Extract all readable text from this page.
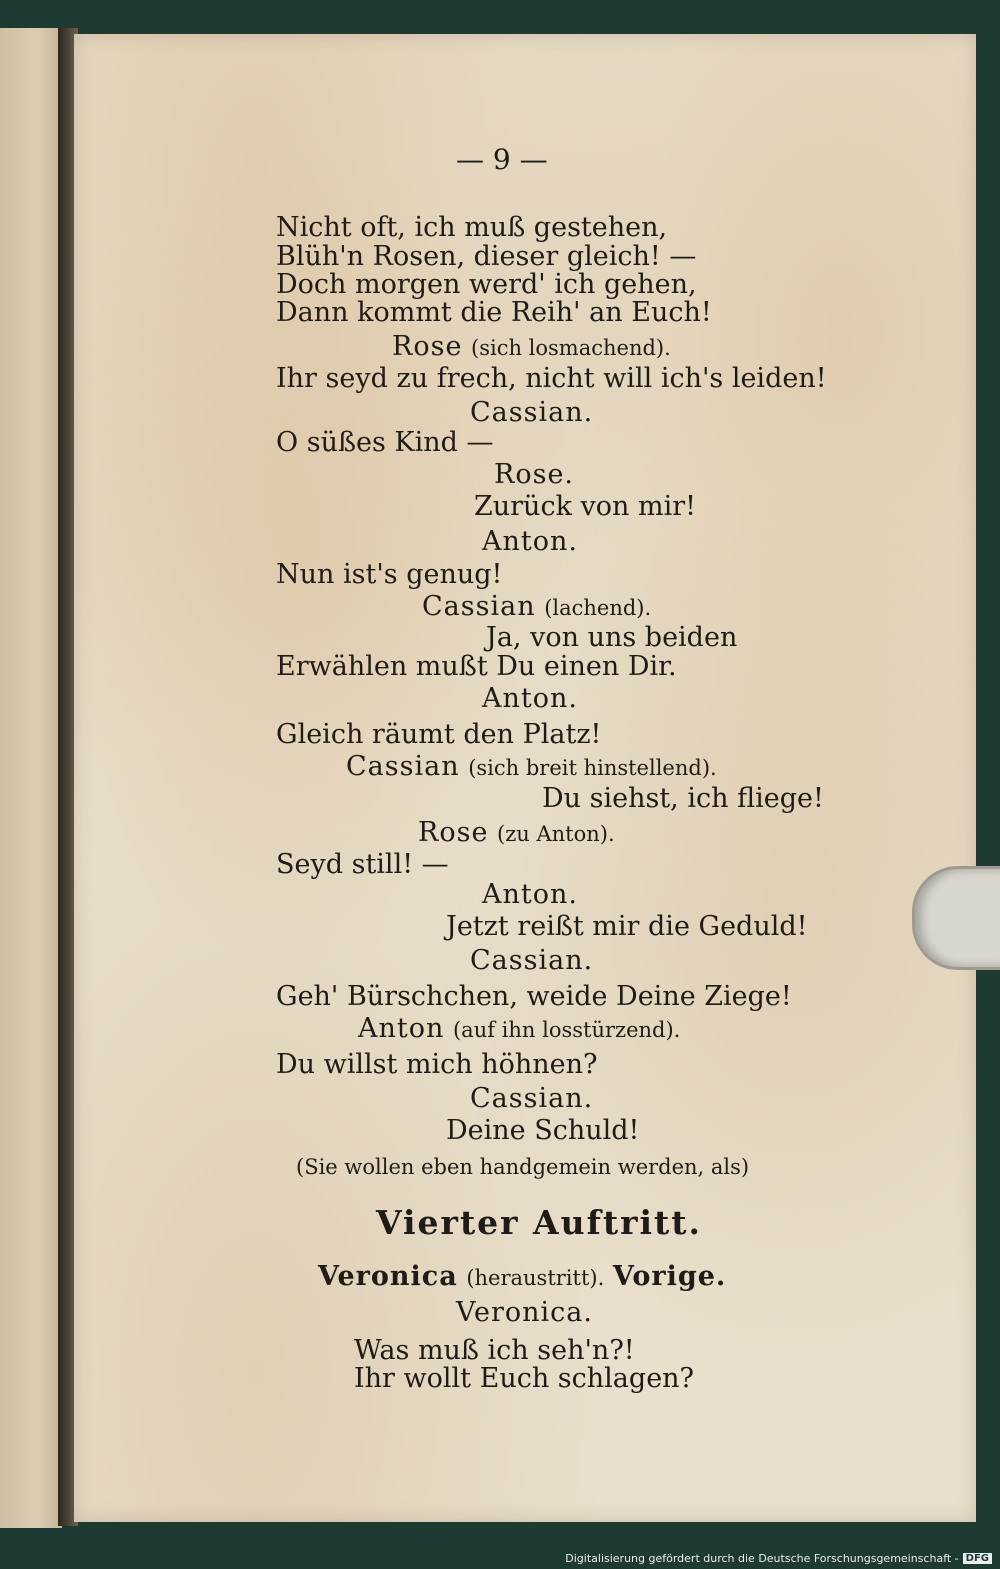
— 9 —
Nicht oft, ich muß gestehen,
Blüh'n Rosen, dieser gleich! —
Doch morgen werd' ich gehen,
Dann kommt die Reih' an Euch!
Rose (sich losmachend).
Ihr seyd zu frech, nicht will ich's leiden!
Cassian.
O süßes Kind —
Rose.
Zurück von mir!
Anton.
Nun ist's genug!
Cassian (lachend).
Ja, von uns beiden
Erwählen mußt Du einen Dir.
Anton.
Gleich räumt den Platz!
Cassian (sich breit hinstellend).
Du siehst, ich fliege!
Rose (zu Anton).
Seyd still! —
Anton.
Jetzt reißt mir die Geduld!
Cassian.
Geh' Bürschchen, weide Deine Ziege!
Anton (auf ihn losstürzend).
Du willst mich höhnen?
Cassian.
Deine Schuld!
(Sie wollen eben handgemein werden, als)
Vierter Auftritt.
Veronica (heraustritt). Vorige.
Veronica.
Was muß ich seh'n?!
Ihr wollt Euch schlagen?
Digitalisierung gefördert durch die Deutsche Forschungsgemeinschaft - DFG
